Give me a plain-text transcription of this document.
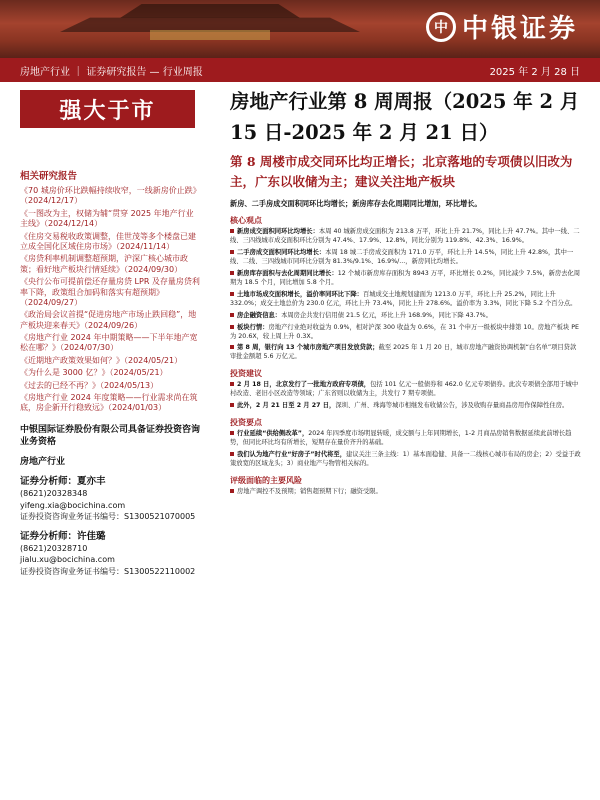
中 中银证券
房地产行业 ｜ 证券研究报告 — 行业周报	2025 年 2 月 28 日
强大于市
相关研究报告
《70 城房价环比跌幅持续收窄，一线新房价止跌》（2024/12/17）
《一图改为主，权储为辅“贯穿 2025 年地产行业主线》（2024/12/14）
《住房交易税收政策调整，佳世茂等多个楼盘已建立成全国化区域住房市场》（2024/11/14）
《房贷利率机制调整超预期，沪深广核心城市政策；看好地产板块行情延续》（2024/09/30）
《央行公布可提前偿还存量房贷 LPR 及存量房贷利率下降，政策组合加码和落实有超预期》（2024/09/27）
《政治局会议首提“促进房地产市场止跌回稳”，地产板块迎来春天》（2024/09/26）
《房地产行业 2024 年中期策略——下半年地产宽松在哪？》（2024/07/30）
《近期地产政策效果如何？》（2024/05/21）
《为什么是 3000 亿？》（2024/05/21）
《过去的已经不再？》（2024/05/13）
《房地产行业 2024 年度策略——行业需求尚在筑底，房企新开行稳致远》（2024/01/03）
中银国际证券股份有限公司具备证券投资咨询业务资格
房地产行业
证券分析师：夏亦丰
(8621)20328348
yifeng.xia@bocichina.com
证券投资咨询业务证书编号：S1300521070005
证券分析师：许佳璐
(8621)20328710
jialu.xu@bocichina.com
证券投资咨询业务证书编号：S1300522110002
房地产行业第 8 周周报（2025 年 2 月 15 日-2025 年 2 月 21 日）
第 8 周楼市成交同环比均正增长；北京落地的专项债以旧改为主，广东以收储为主；建议关注地产板块
新房、二手房成交面积同环比均增长；新房库存去化周期同比增加，环比增长。
核心观点
新房成交面积同环比均增长：本周 40 城新房成交面积为 213.8 万平，环比上升 21.7%，同比上升 47.7%。其中一线、二线、三四线城市成交面积环比分别为 47.4%、17.9%、12.8%，同比分别为 119.8%、42.3%、16.9%。
二手房成交面积同环比均增长：本周 18 城二手房成交面积为 171.0 万平，环比上升 14.5%，同比上升 42.8%，其中一线、二线、三四线城市同环比分别为 81.3%/9.1%、16.9%/...，新房同比均增长。
新房库存面积与去化周期同比增长：12 个城市新房库存面积为 8943 万平，环比增长 0.2%，同比减少 7.5%，新房去化周期为 18.5 个月，同比增加 5.8 个月。
土地市场成交面积增长，溢价率同环比下降：百城成交土地规划建面为 1213.0 万平，环比上升 25.2%，同比上升 332.0%；成交土地总价为 230.0 亿元，环比上升 73.4%，同比上升 278.6%。溢价率为 3.3%，同比下降 5.2 个百分点。
房企融资信息：本周房企共发行信用债 21.5 亿元，环比上升 168.9%，同比下降 43.7%。
板块行情：房地产行业绝对收益为 0.9%，相对沪深 300 收益为 0.6%，在 31 个申万一级板块中排第 10。房地产板块 PE 为 20.6X，较上周上升 0.3X。
第 8 周，银行向 13 个城市房地产项目发放贷款；截至 2025 年 1 月 20 日，城市房地产融资协调机制“白名单”项目贷款审批金额超 5.6 万亿元。
投资建议
2 月 18 日，北京发行了一批地方政府专项债，包括 101 亿元一般债券和 462.0 亿元专项债券。此次专项债全部用于城中村改造、老旧小区改造等领域；广东省则以收储为主，共发行 7 期专项债。
此外，2 月 21 日至 2 月 27 日，深圳、广州、珠海等城市相继发布收储公告，涉及收购存量商品房用作保障性住房。
投资要点
行业延续“供给侧改革”，2024 年四季度市场明显转暖，成交额与上年同期增长，1-2 月商品房销售数据延续此前增长趋势，但同比环比均有所增长，短期存在量价齐升的基础。
我们认为地产行业“好房子”时代将至，建议关注三条主线：1）基本面稳健、具备一二线核心城市布局的房企；2）受益于政策放宽的区域龙头；3）商业地产与物管相关标的。
评级面临的主要风险
房地产调控不及预期；销售超预期下行；融资受限。
